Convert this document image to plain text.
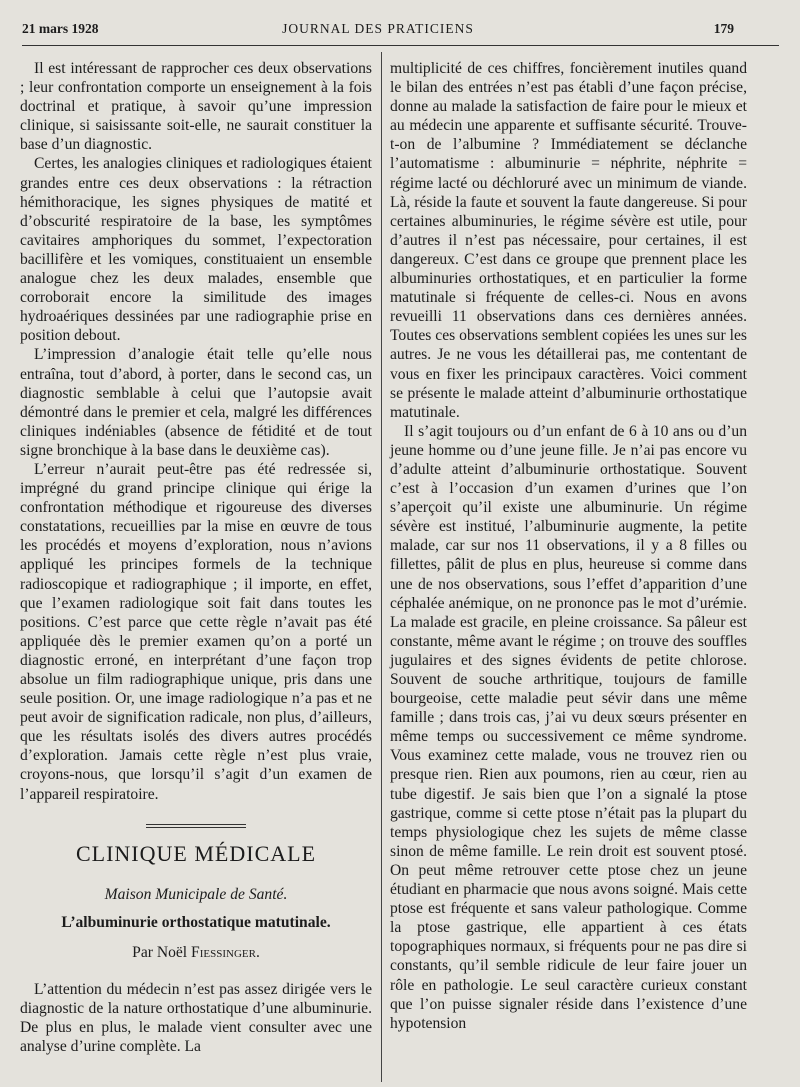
21 mars 1928	JOURNAL DES PRATICIENS	179

Il est intéressant de rapprocher ces deux observations ; leur confrontation comporte un enseignement à la fois doctrinal et pratique, à savoir qu’une impression clinique, si saisissante soit-elle, ne saurait constituer la base d’un diagnostic.

Certes, les analogies cliniques et radiologiques étaient grandes entre ces deux observations : la rétraction hémithoracique, les signes physiques de matité et d’obscurité respiratoire de la base, les symptômes cavitaires amphoriques du sommet, l’expectoration bacillifère et les vomiques, constituaient un ensemble analogue chez les deux malades, ensemble que corroborait encore la similitude des images hydroaériques dessinées par une radiographie prise en position debout.

L’impression d’analogie était telle qu’elle nous entraîna, tout d’abord, à porter, dans le second cas, un diagnostic semblable à celui que l’autopsie avait démontré dans le premier et cela, malgré les différences cliniques indéniables (absence de fétidité et de tout signe bronchique à la base dans le deuxième cas).

L’erreur n’aurait peut-être pas été redressée si, imprégné du grand principe clinique qui érige la confrontation méthodique et rigoureuse des diverses constatations, recueillies par la mise en œuvre de tous les procédés et moyens d’exploration, nous n’avions appliqué les principes formels de la technique radioscopique et radiographique ; il importe, en effet, que l’examen radiologique soit fait dans toutes les positions. C’est parce que cette règle n’avait pas été appliquée dès le premier examen qu’on a porté un diagnostic erroné, en interprétant d’une façon trop absolue un film radiographique unique, pris dans une seule position. Or, une image radiologique n’a pas et ne peut avoir de signification radicale, non plus, d’ailleurs, que les résultats isolés des divers autres procédés d’exploration. Jamais cette règle n’est plus vraie, croyons-nous, que lorsqu’il s’agit d’un examen de l’appareil respiratoire.

CLINIQUE MÉDICALE
Maison Municipale de Santé.
L’albuminurie orthostatique matutinale.
Par Noël Fiessinger.

L’attention du médecin n’est pas assez dirigée vers le diagnostic de la nature orthostatique d’une albuminurie. De plus en plus, le malade vient consulter avec une analyse d’urine complète. La

multiplicité de ces chiffres, foncièrement inutiles quand le bilan des entrées n’est pas établi d’une façon précise, donne au malade la satisfaction de faire pour le mieux et au médecin une apparente et suffisante sécurité. Trouve-t-on de l’albumine ? Immédiatement se déclanche l’automatisme : albuminurie = néphrite, néphrite = régime lacté ou déchloruré avec un minimum de viande. Là, réside la faute et souvent la faute dangereuse. Si pour certaines albuminuries, le régime sévère est utile, pour d’autres il n’est pas nécessaire, pour certaines, il est dangereux. C’est dans ce groupe que prennent place les albuminuries orthostatiques, et en particulier la forme matutinale si fréquente de celles-ci. Nous en avons revueilli 11 observations dans ces dernières années. Toutes ces observations semblent copiées les unes sur les autres. Je ne vous les détaillerai pas, me contentant de vous en fixer les principaux caractères. Voici comment se présente le malade atteint d’albuminurie orthostatique matutinale.

Il s’agit toujours ou d’un enfant de 6 à 10 ans ou d’un jeune homme ou d’une jeune fille. Je n’ai pas encore vu d’adulte atteint d’albuminurie orthostatique. Souvent c’est à l’occasion d’un examen d’urines que l’on s’aperçoit qu’il existe une albuminurie. Un régime sévère est institué, l’albuminurie augmente, la petite malade, car sur nos 11 observations, il y a 8 filles ou fillettes, pâlit de plus en plus, heureuse si comme dans une de nos observations, sous l’effet d’apparition d’une céphalée anémique, on ne prononce pas le mot d’urémie. La malade est gracile, en pleine croissance. Sa pâleur est constante, même avant le régime ; on trouve des souffles jugulaires et des signes évidents de petite chlorose. Souvent de souche arthritique, toujours de famille bourgeoise, cette maladie peut sévir dans une même famille ; dans trois cas, j’ai vu deux sœurs présenter en même temps ou successivement ce même syndrome. Vous examinez cette malade, vous ne trouvez rien ou presque rien. Rien aux poumons, rien au cœur, rien au tube digestif. Je sais bien que l’on a signalé la ptose gastrique, comme si cette ptose n’était pas la plupart du temps physiologique chez les sujets de même classe sinon de même famille. Le rein droit est souvent ptosé. On peut même retrouver cette ptose chez un jeune étudiant en pharmacie que nous avons soigné. Mais cette ptose est fréquente et sans valeur pathologique. Comme la ptose gastrique, elle appartient à ces états topographiques normaux, si fréquents pour ne pas dire si constants, qu’il semble ridicule de leur faire jouer un rôle en pathologie. Le seul caractère curieux constant que l’on puisse signaler réside dans l’existence d’une hypotension
